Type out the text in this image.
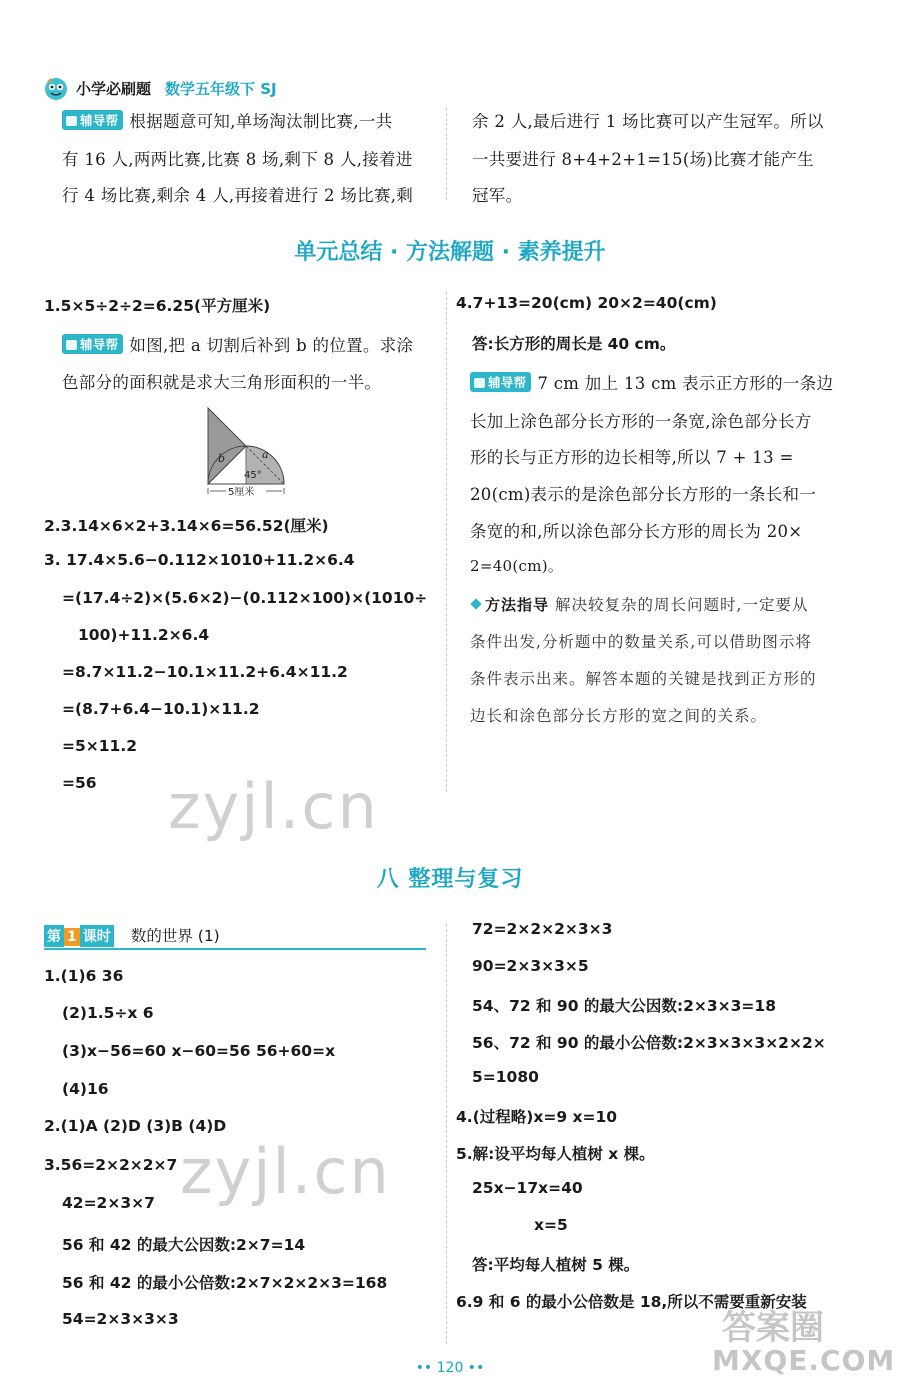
小学必刷题 数学五年级下 SJ
辅导帮 根据题意可知,单场淘汰制比赛,一共
有 16 人,两两比赛,比赛 8 场,剩下 8 人,接着进
行 4 场比赛,剩余 4 人,再接着进行 2 场比赛,剩
余 2 人,最后进行 1 场比赛可以产生冠军。所以
一共要进行 8+4+2+1=15(场)比赛才能产生
冠军。
单元总结 · 方法解题 · 素养提升
1.5×5÷2÷2=6.25(平方厘米)
辅导帮 如图,把 a 切割后补到 b 的位置。求涂
色部分的面积就是求大三角形面积的一半。
b	a
45°
5厘米
2.3.14×6×2+3.14×6=56.52(厘米)
3. 17.4×5.6−0.112×1010+11.2×6.4
=(17.4÷2)×(5.6×2)−(0.112×100)×(1010÷
100)+11.2×6.4
=8.7×11.2−10.1×11.2+6.4×11.2
=(8.7+6.4−10.1)×11.2
=5×11.2
=56
4.7+13=20(cm) 20×2=40(cm)
答:长方形的周长是 40 cm。
辅导帮 7 cm 加上 13 cm 表示正方形的一条边
长加上涂色部分长方形的一条宽,涂色部分长方
形的长与正方形的边长相等,所以 7 + 13 =
20(cm)表示的是涂色部分长方形的一条长和一
条宽的和,所以涂色部分长方形的周长为 20×
2=40(cm)。
方法指导 解决较复杂的周长问题时,一定要从
条件出发,分析题中的数量关系,可以借助图示将
条件表示出来。解答本题的关键是找到正方形的
边长和涂色部分长方形的宽之间的关系。
zyjl.cn
八 整理与复习
第 1 课时 数的世界 (1)
1.(1)6 36
(2)1.5÷x 6
(3)x−56=60 x−60=56 56+60=x
(4)16
2.(1)A (2)D (3)B (4)D
3.56=2×2×2×7
42=2×3×7
56 和 42 的最大公因数:2×7=14
56 和 42 的最小公倍数:2×7×2×2×3=168
54=2×3×3×3
72=2×2×2×3×3
90=2×3×3×5
54、72 和 90 的最大公因数:2×3×3=18
56、72 和 90 的最小公倍数:2×3×3×3×2×2×
5=1080
4.(过程略)x=9 x=10
5.解:设平均每人植树 x 棵。
25x−17x=40
x=5
答:平均每人植树 5 棵。
6.9 和 6 的最小公倍数是 18,所以不需要重新安装
zyjl.cn
•• 120 ••
答案圈
MXQE.COM
